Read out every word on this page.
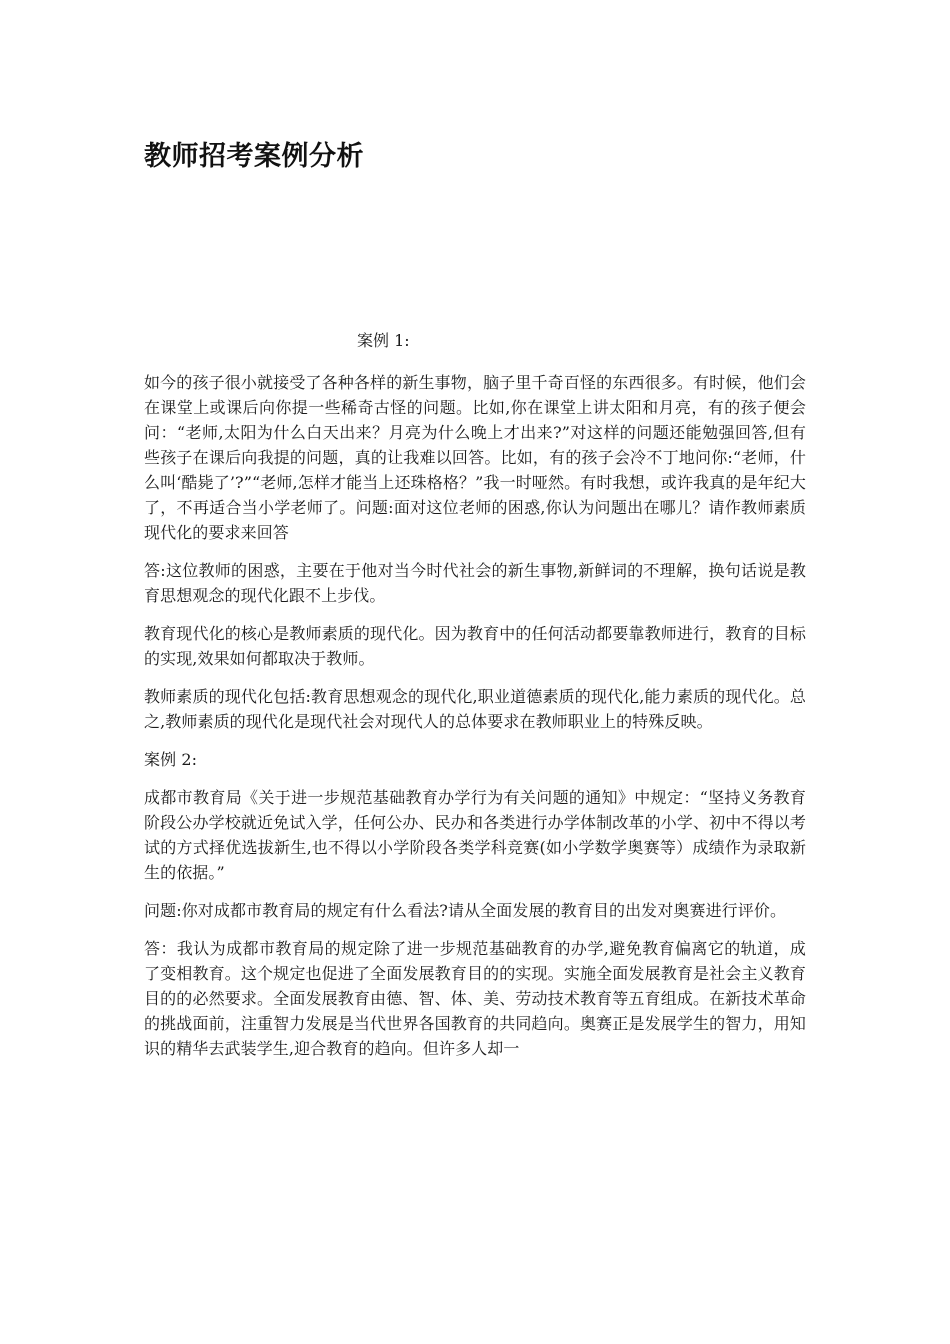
教师招考案例分析

案例 1:

如今的孩子很小就接受了各种各样的新生事物，脑子里千奇百怪的东西很多。有时候，他们会在课堂上或课后向你提一些稀奇古怪的问题。比如,你在课堂上讲太阳和月亮，有的孩子便会问：“老师,太阳为什么白天出来？月亮为什么晚上才出来?”对这样的问题还能勉强回答,但有些孩子在课后向我提的问题，真的让我难以回答。比如，有的孩子会冷不丁地问你:“老师，什么叫‘酷毙了’?”“老师,怎样才能当上还珠格格？”我一时哑然。有时我想，或许我真的是年纪大了，不再适合当小学老师了。问题:面对这位老师的困惑,你认为问题出在哪儿？请作教师素质现代化的要求来回答

答:这位教师的困惑，主要在于他对当今时代社会的新生事物,新鲜词的不理解，换句话说是教育思想观念的现代化跟不上步伐。

教育现代化的核心是教师素质的现代化。因为教育中的任何活动都要靠教师进行，教育的目标的实现,效果如何都取决于教师。

教师素质的现代化包括:教育思想观念的现代化,职业道德素质的现代化,能力素质的现代化。总之,教师素质的现代化是现代社会对现代人的总体要求在教师职业上的特殊反映。

案例 2:

成都市教育局《关于进一步规范基础教育办学行为有关问题的通知》中规定：“坚持义务教育阶段公办学校就近免试入学，任何公办、民办和各类进行办学体制改革的小学、初中不得以考试的方式择优选拔新生,也不得以小学阶段各类学科竞赛(如小学数学奥赛等）成绩作为录取新生的依据。”

问题:你对成都市教育局的规定有什么看法?请从全面发展的教育目的出发对奥赛进行评价。

答：我认为成都市教育局的规定除了进一步规范基础教育的办学,避免教育偏离它的轨道，成了变相教育。这个规定也促进了全面发展教育目的的实现。实施全面发展教育是社会主义教育目的的必然要求。全面发展教育由德、智、体、美、劳动技术教育等五育组成。在新技术革命的挑战面前，注重智力发展是当代世界各国教育的共同趋向。奥赛正是发展学生的智力，用知识的精华去武装学生,迎合教育的趋向。但许多人却一
